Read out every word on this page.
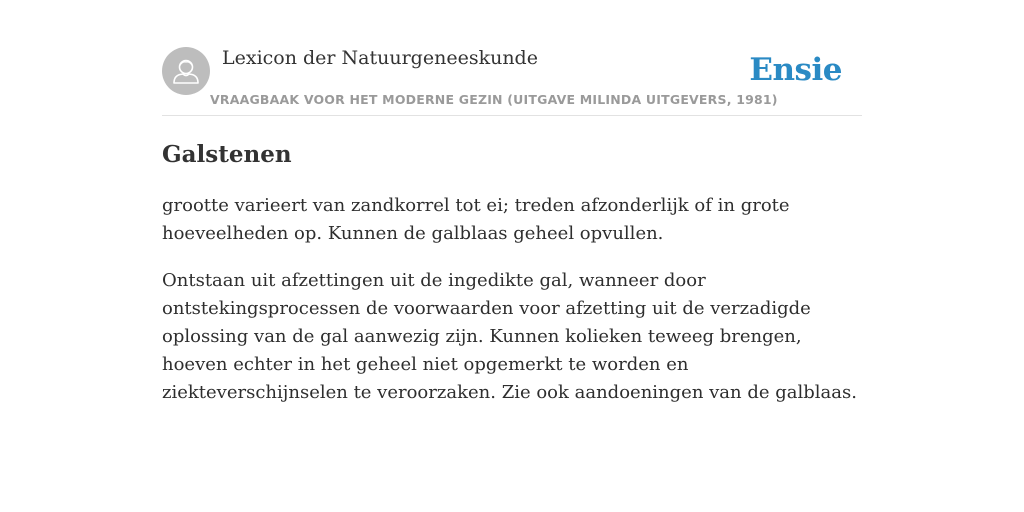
Lexicon der Natuurgeneeskunde
VRAAGBAAK VOOR HET MODERNE GEZIN (UITGAVE MILINDA UITGEVERS, 1981)
Ensie
Galstenen

grootte varieert van zandkorrel tot ei; treden afzonderlijk of in grote hoeveelheden op. Kunnen de galblaas geheel opvullen.

Ontstaan uit afzettingen uit de ingedikte gal, wanneer door ontstekingsprocessen de voorwaarden voor afzetting uit de verzadigde oplossing van de gal aanwezig zijn. Kunnen kolieken teweeg brengen, hoeven echter in het geheel niet opgemerkt te worden en ziekteverschijnselen te veroorzaken. Zie ook aandoeningen van de galblaas.
